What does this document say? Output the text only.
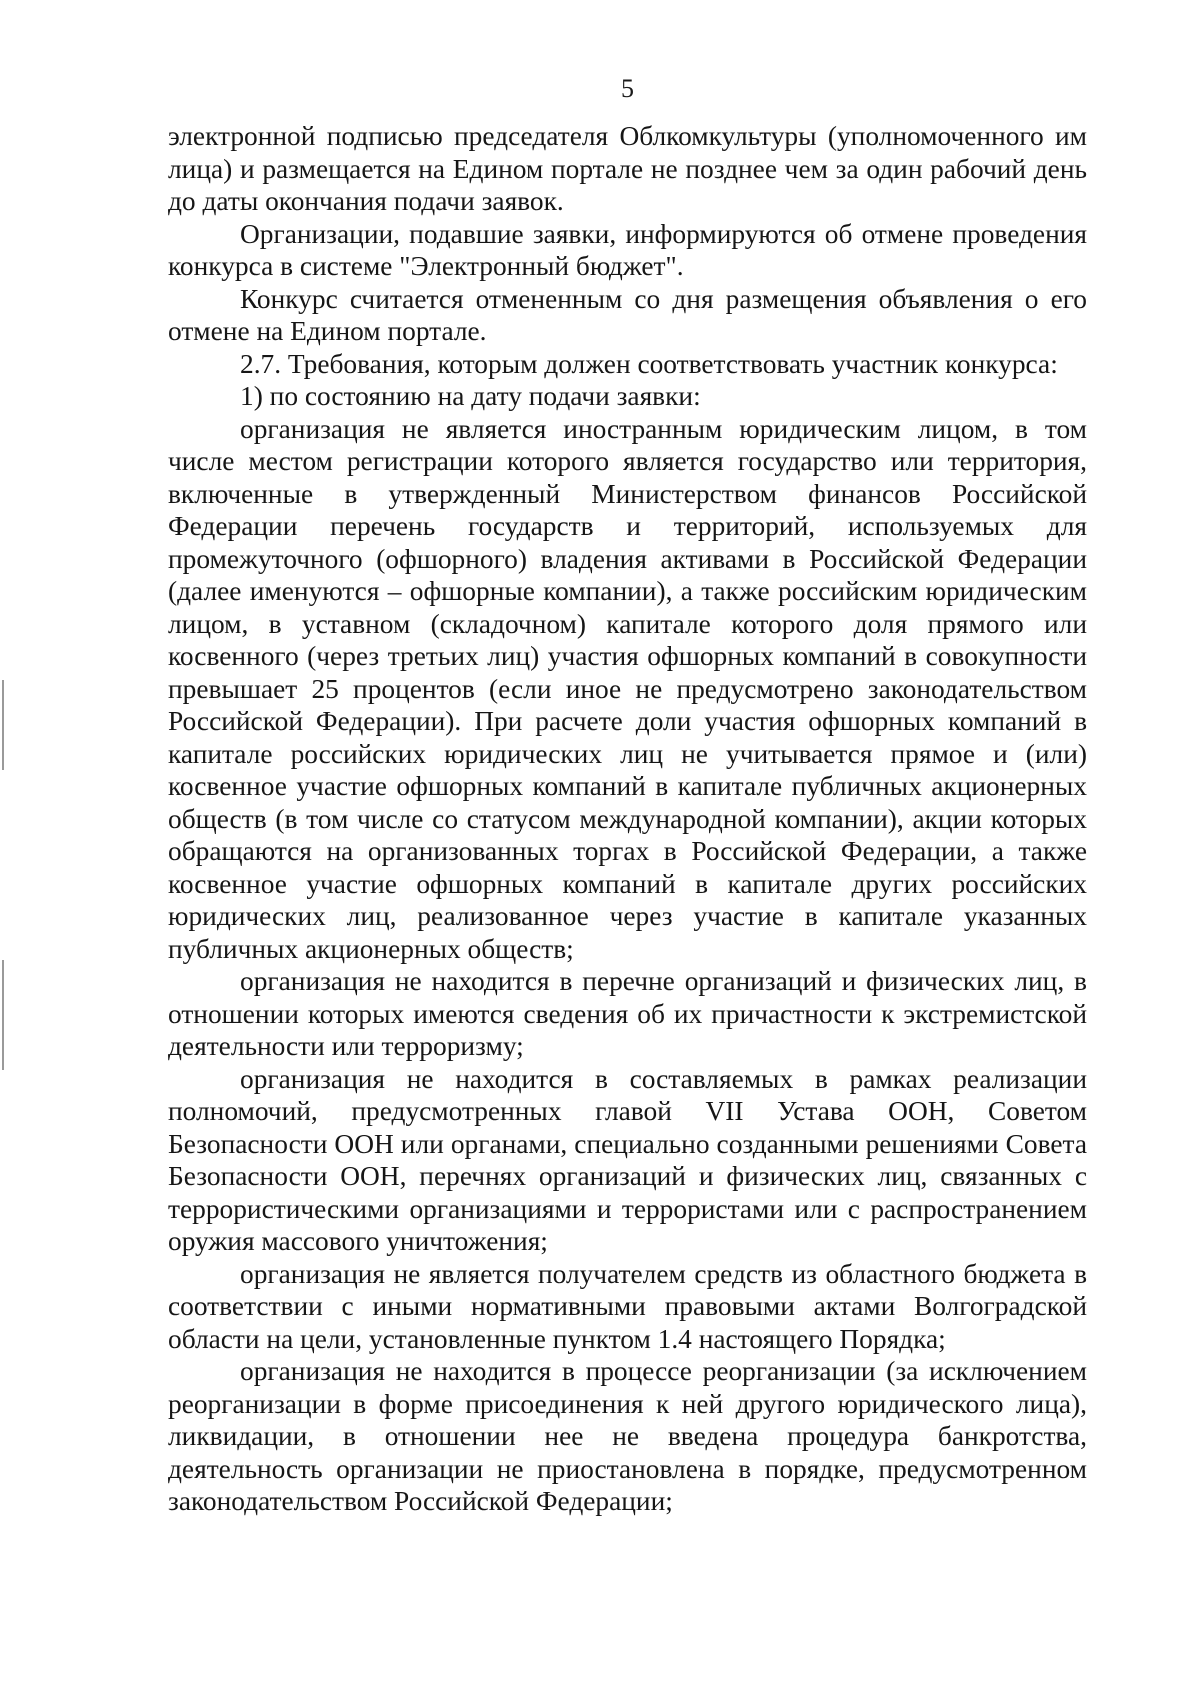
5

электронной подписью председателя Облкомкультуры (уполномоченного им лица) и размещается на Едином портале не позднее чем за один рабочий день до даты окончания подачи заявок.

Организации, подавшие заявки, информируются об отмене проведения конкурса в системе "Электронный бюджет".

Конкурс считается отмененным со дня размещения объявления о его отмене на Едином портале.

2.7. Требования, которым должен соответствовать участник конкурса:

1) по состоянию на дату подачи заявки:

организация не является иностранным юридическим лицом, в том числе местом регистрации которого является государство или территория, включенные в утвержденный Министерством финансов Российской Федерации перечень государств и территорий, используемых для промежуточного (офшорного) владения активами в Российской Федерации (далее именуются – офшорные компании), а также российским юридическим лицом, в уставном (складочном) капитале которого доля прямого или косвенного (через третьих лиц) участия офшорных компаний в совокупности превышает 25 процентов (если иное не предусмотрено законодательством Российской Федерации). При расчете доли участия офшорных компаний в капитале российских юридических лиц не учитывается прямое и (или) косвенное участие офшорных компаний в капитале публичных акционерных обществ (в том числе со статусом международной компании), акции которых обращаются на организованных торгах в Российской Федерации, а также косвенное участие офшорных компаний в капитале других российских юридических лиц, реализованное через участие в капитале указанных публичных акционерных обществ;

организация не находится в перечне организаций и физических лиц, в отношении которых имеются сведения об их причастности к экстремистской деятельности или терроризму;

организация не находится в составляемых в рамках реализации полномочий, предусмотренных главой VII Устава ООН, Советом Безопасности ООН или органами, специально созданными решениями Совета Безопасности ООН, перечнях организаций и физических лиц, связанных с террористическими организациями и террористами или с распространением оружия массового уничтожения;

организация не является получателем средств из областного бюджета в соответствии с иными нормативными правовыми актами Волгоградской области на цели, установленные пунктом 1.4 настоящего Порядка;

организация не находится в процессе реорганизации (за исключением реорганизации в форме присоединения к ней другого юридического лица), ликвидации, в отношении нее не введена процедура банкротства, деятельность организации не приостановлена в порядке, предусмотренном законодательством Российской Федерации;
